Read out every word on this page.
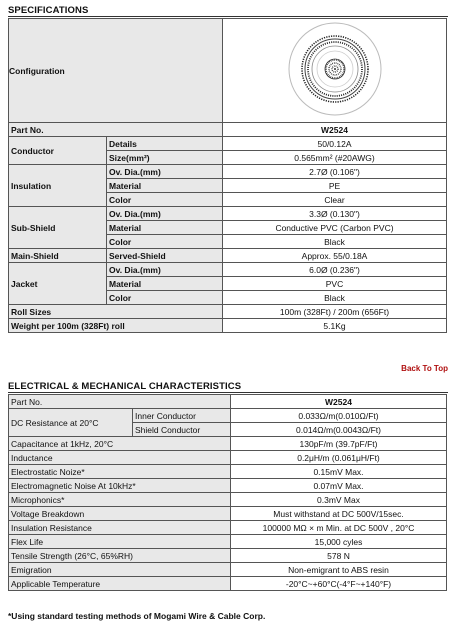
SPECIFICATIONS
Configuration	
Part No.		W2524
Conductor	Details	50/0.12A
	Size(mm²)	0.565mm² (#20AWG)
Insulation	Ov. Dia.(mm)	2.7Ø (0.106")
	Material	PE
	Color	Clear
Sub-Shield	Ov. Dia.(mm)	3.3Ø (0.130")
	Material	Conductive PVC (Carbon PVC)
	Color	Black
Main-Shield	Served-Shield	Approx. 55/0.18A
Jacket	Ov. Dia.(mm)	6.0Ø (0.236")
	Material	PVC
	Color	Black
Roll Sizes		100m (328Ft) / 200m (656Ft)
Weight per 100m (328Ft) roll		5.1Kg
Back To Top
ELECTRICAL & MECHANICAL CHARACTERISTICS
Part No.		W2524
DC Resistance at 20°C	Inner Conductor	0.033Ω/m(0.010Ω/Ft)
	Shield Conductor	0.014Ω/m(0.0043Ω/Ft)
Capacitance at 1kHz, 20°C		130pF/m (39.7pF/Ft)
Inductance		0.2μH/m (0.061μH/Ft)
Electrostatic Noize*		0.15mV Max.
Electromagnetic Noise At 10kHz*		0.07mV Max.
Microphonics*		0.3mV Max
Voltage Breakdown		Must withstand at DC 500V/15sec.
Insulation Resistance		100000 MΩ × m Min. at DC 500V , 20°C
Flex Life		15,000 cyles
Tensile Strength (26°C, 65%RH)		578 N
Emigration		Non-emigrant to ABS resin
Applicable Temperature		-20°C~+60°C(-4°F~+140°F)
*Using standard testing methods of Mogami Wire & Cable Corp.
